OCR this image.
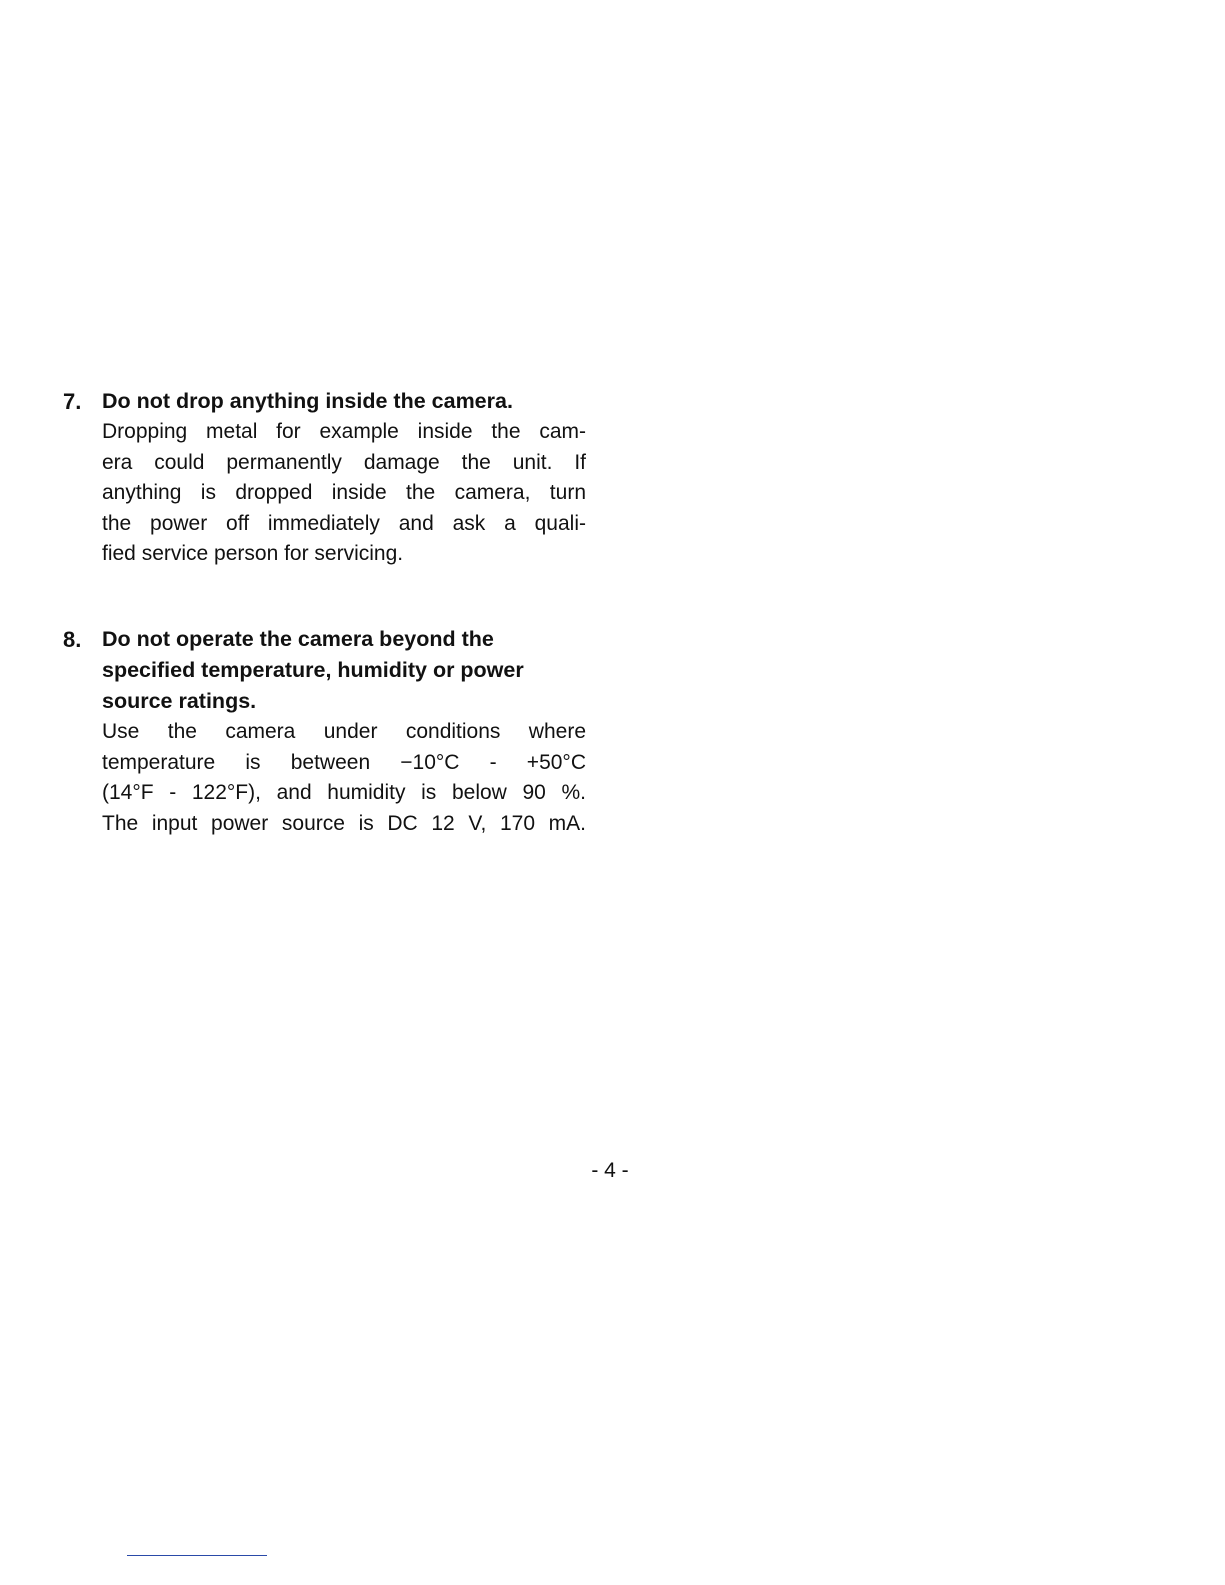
7. Do not drop anything inside the camera.
Dropping metal for example inside the cam-
era could permanently damage the unit. If
anything is dropped inside the camera, turn
the power off immediately and ask a quali-
fied service person for servicing.
8. Do not operate the camera beyond the
specified temperature, humidity or power
source ratings.
Use the camera under conditions where
temperature is between −10°C - +50°C
(14°F - 122°F), and humidity is below 90 %.
The input power source is DC 12 V, 170 mA.
- 4 -
